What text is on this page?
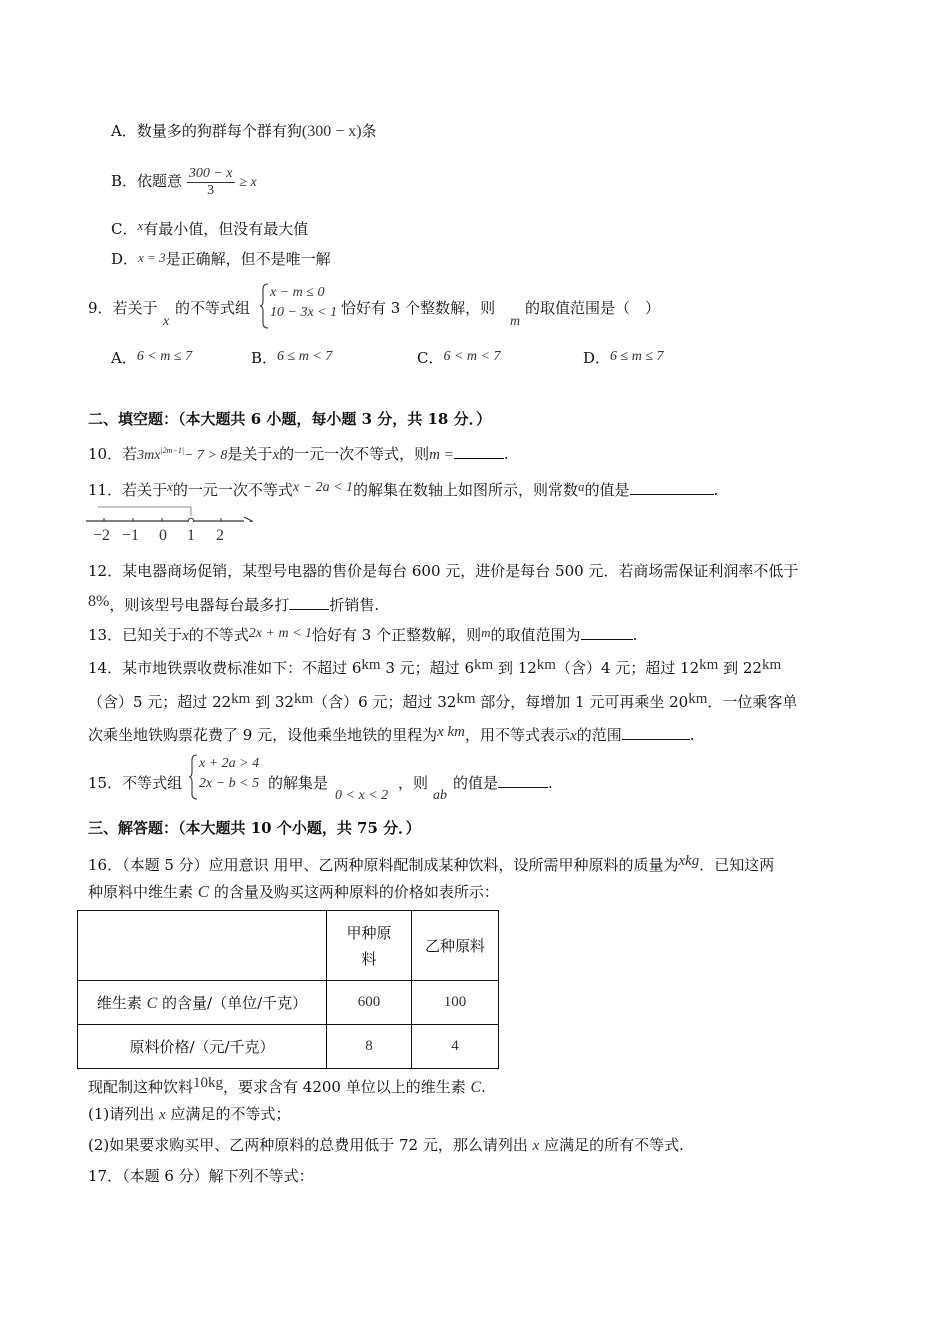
A．数量多的狗群每个群有狗(300 − x)条
B．依题意 $\frac{300 - x}{3} \ge x$
C．x有最小值，但没有最大值
D．x = 3是正确解，但不是唯一解
9．若关于
x
的不等式组
x − m ≤ 0
10 − 3x < 1 恰好有 3 个整数解，则
m
的取值范围是（　）
A．6 < m ≤ 7	B．6 ≤ m < 7	C．6 < m < 7	D．6 ≤ m ≤ 7
二、填空题：（本大题共 6 小题，每小题 3 分，共 18 分．）
10．若$3mx^{|2m-1|}- 7 > 8$是关于x的一元一次不等式，则m =	.
11．若关于x的一元一次不等式x − 2a < 1的解集在数轴上如图所示，则常数a的值是	.
−2 −1 0 1 2
12．某电器商场促销，某型号电器的售价是每台 600 元，进价是每台 500 元．若商场需保证利润率不低于
8%，则该型号电器每台最多打	折销售.
13．已知关于x的不等式2x + m < 1恰好有 3 个正整数解，则m的取值范围为	.
14．某市地铁票收费标准如下：不超过 6km 3 元；超过 6km 到 12km（含）4 元；超过 12km 到 22km
（含）5 元；超过 22km 到 32km（含）6 元；超过 32km 部分，每增加 1 元可再乘坐 20km．一位乘客单
次乘坐地铁购票花费了 9 元，设他乘坐地铁的里程为x km，用不等式表示x的范围	.
15．不等式组
x + 2a > 4
2x − b < 5 的解集是
0 < x < 2
，则
ab
的值是	.
三、解答题：（本大题共 10 个小题，共 75 分．）
16．（本题 5 分）应用意识 用甲、乙两种原料配制成某种饮料，设所需甲种原料的质量为xkg．已知这两
种原料中维生素 C 的含量及购买这两种原料的价格如表所示：
	甲种原
料	乙种原料
维生素 C 的含量/（单位/千克）	600	100
原料价格/（元/千克）	8	4
现配制这种饮料10kg，要求含有 4200 单位以上的维生素 C.
(1)请列出 x 应满足的不等式；
(2)如果要求购买甲、乙两种原料的总费用低于 72 元，那么请列出 x 应满足的所有不等式.
17．（本题 6 分）解下列不等式：
